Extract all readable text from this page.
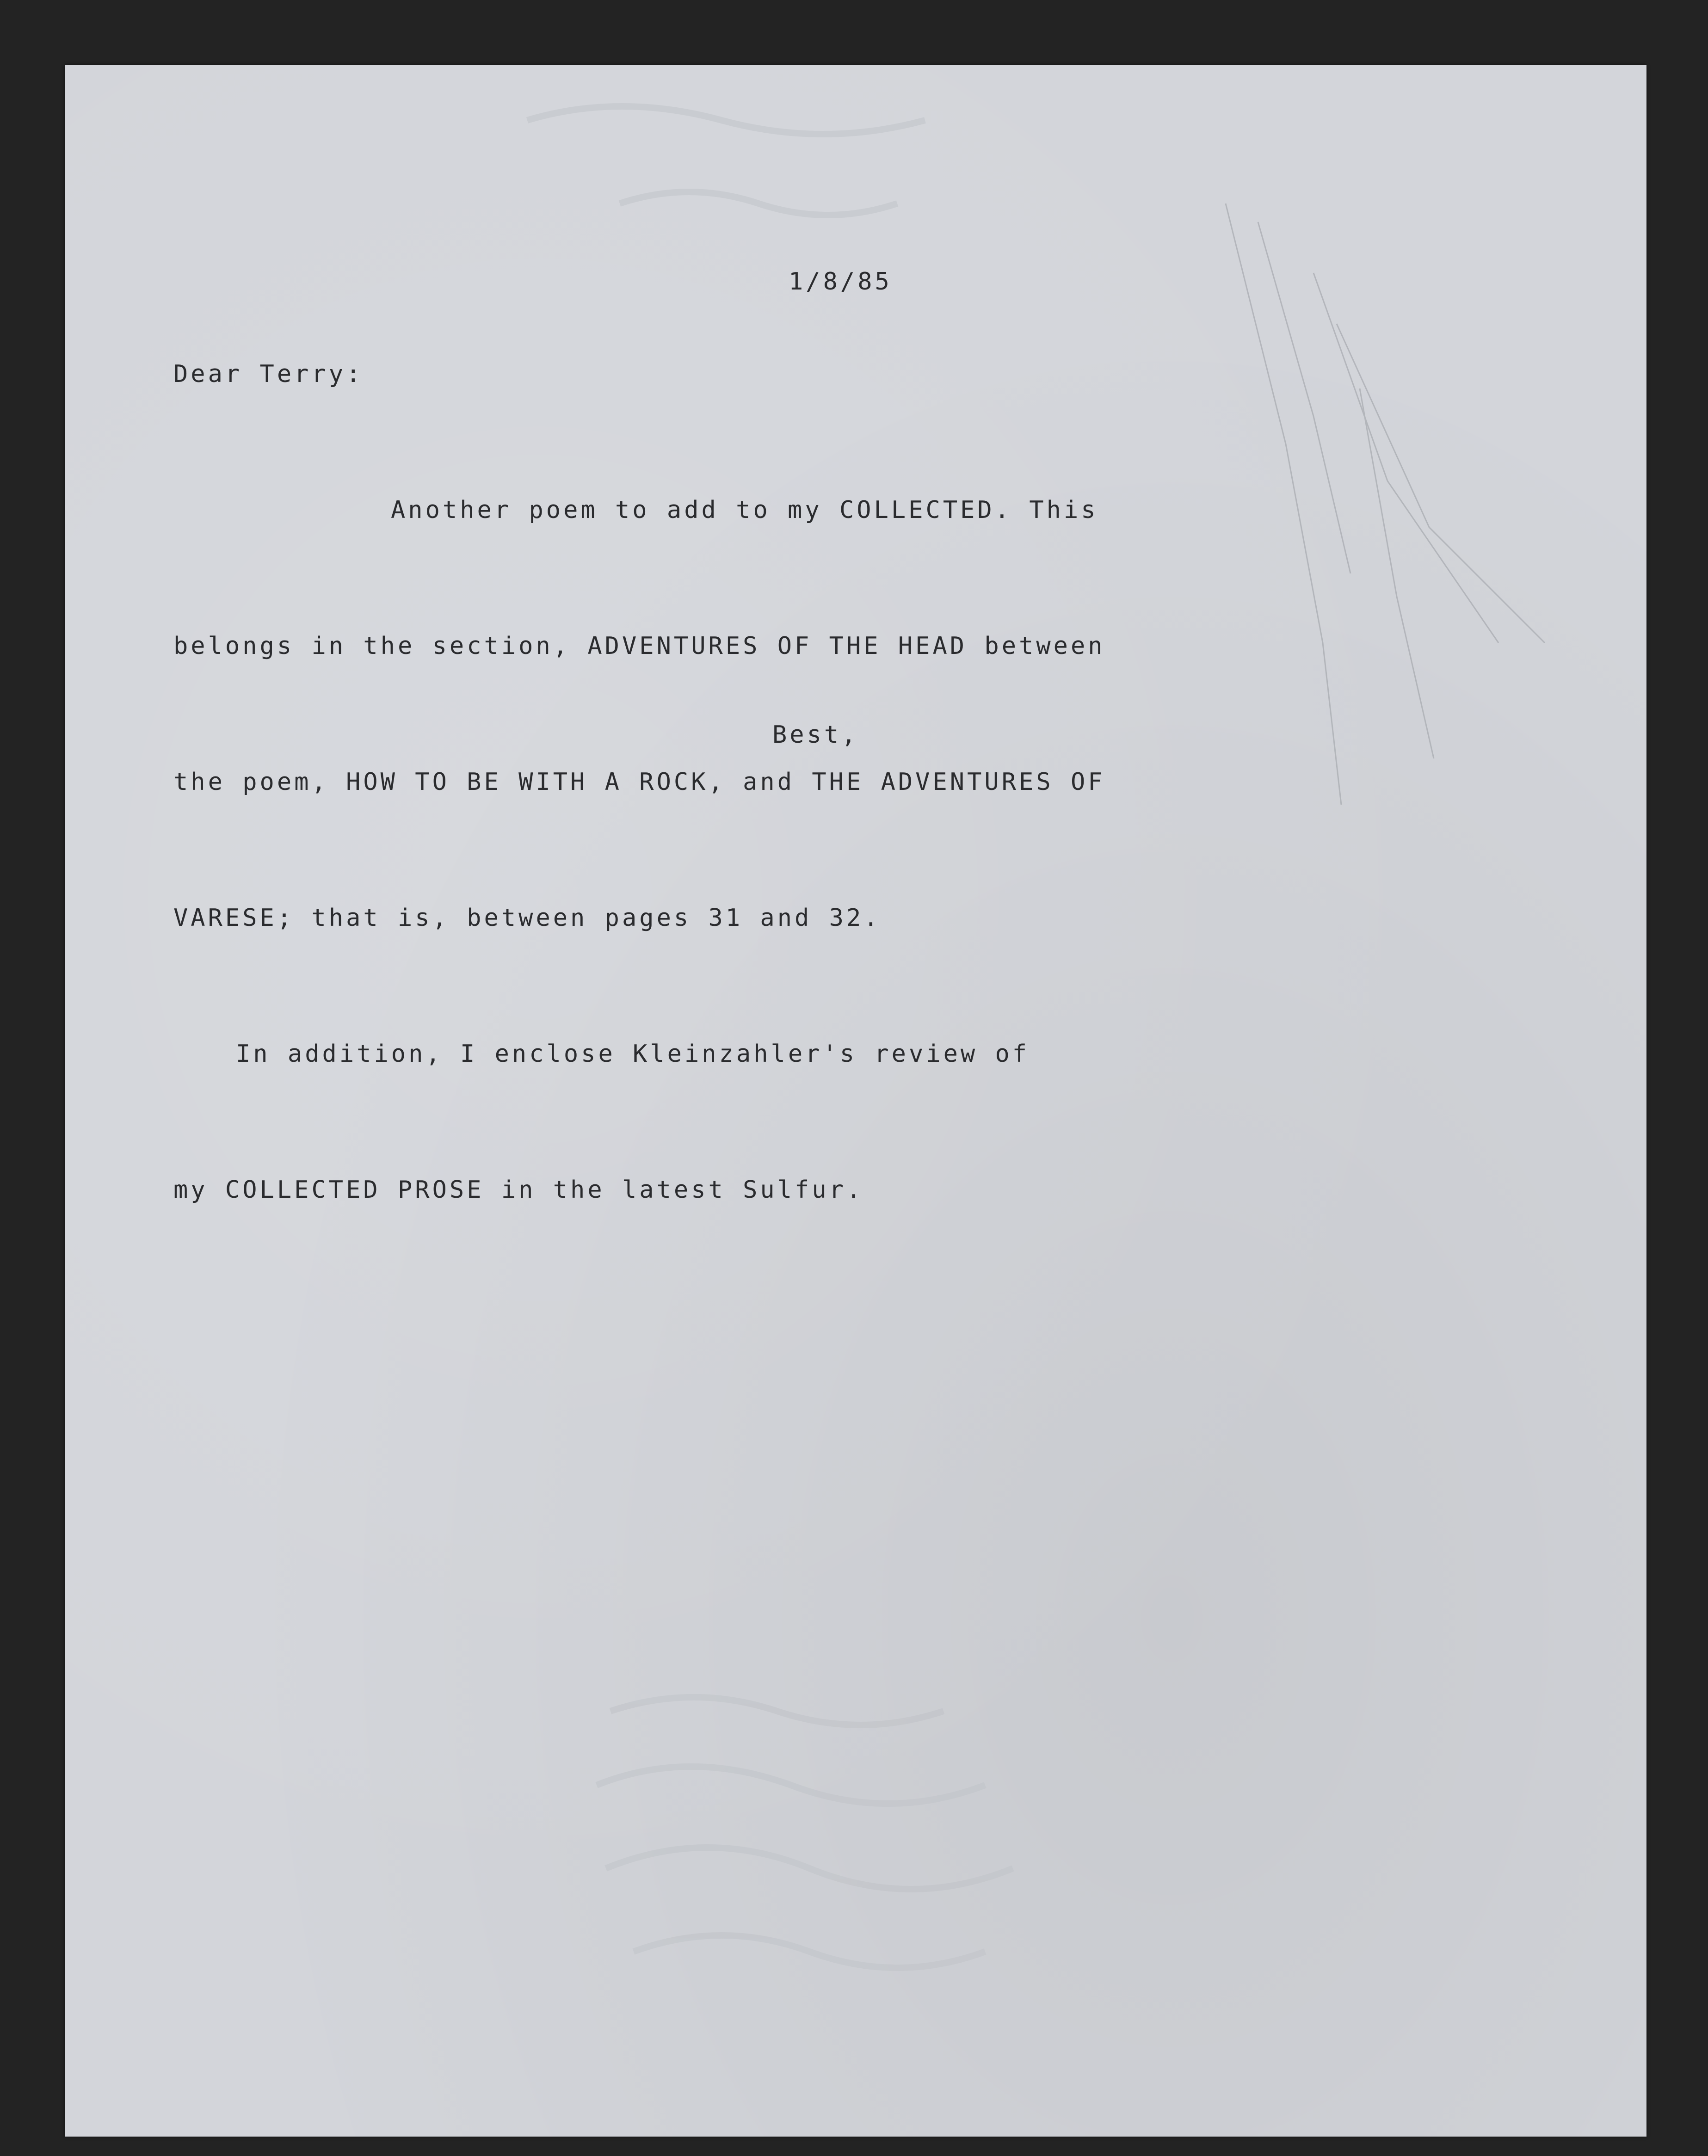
1/8/85
Dear Terry:

Another poem to add to my COLLECTED. This

belongs in the section, ADVENTURES OF THE HEAD between

the poem, HOW TO BE WITH A ROCK, and THE ADVENTURES OF

VARESE; that is, between pages 31 and 32.

In addition, I enclose Kleinzahler's review of

my COLLECTED PROSE in the latest Sulfur.

Best,
